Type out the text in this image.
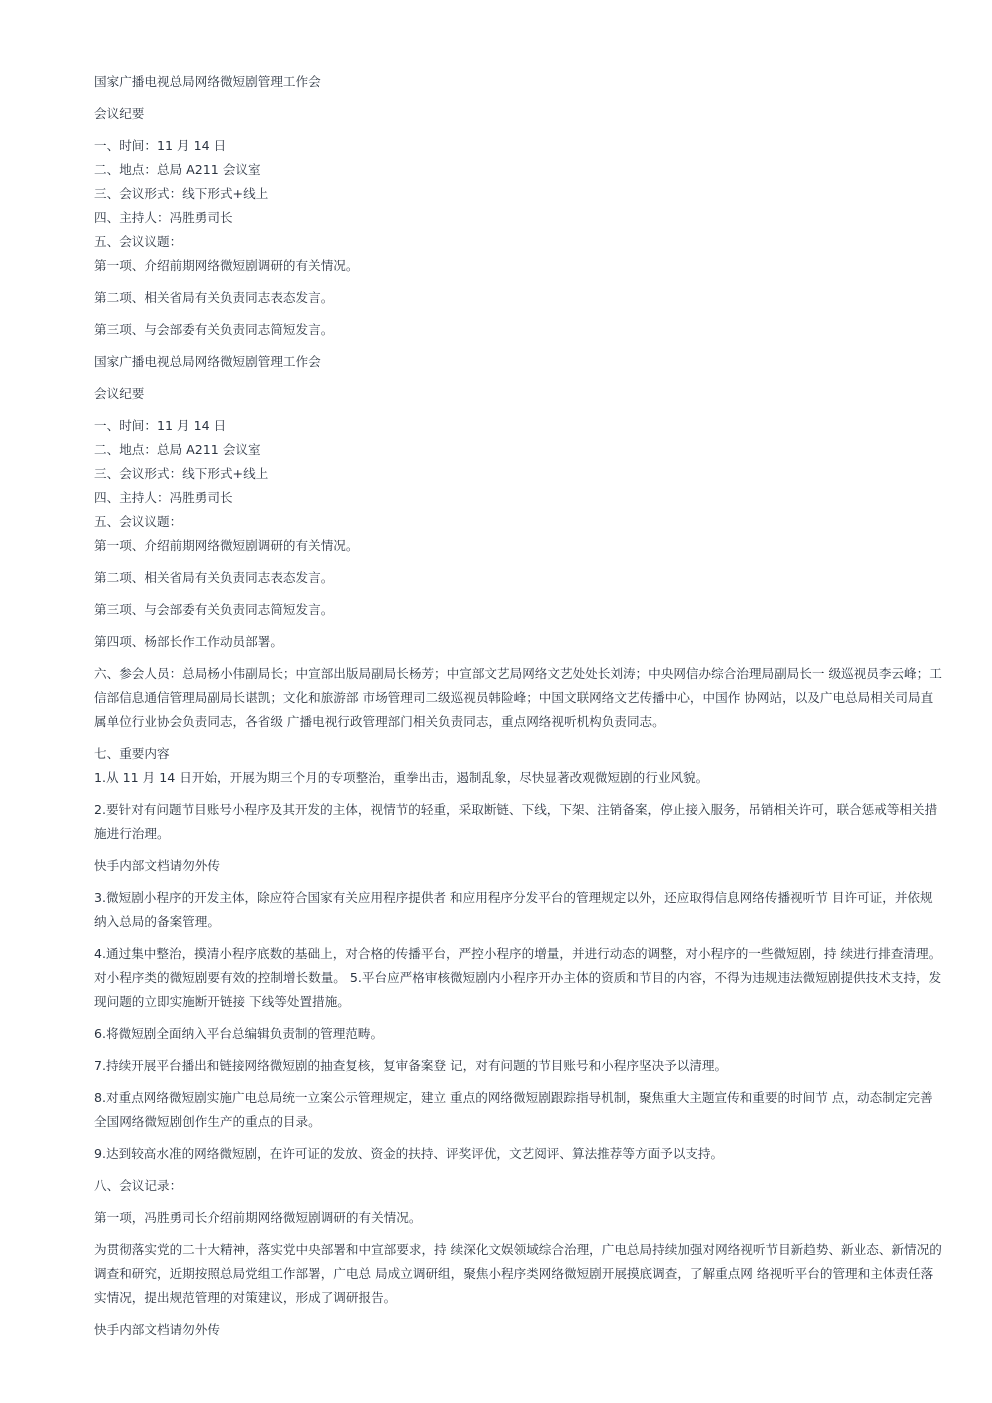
国家广播电视总局网络微短剧管理工作会

会议纪要

一、时间：11 月 14 日

二、地点：总局 A211 会议室

三、会议形式：线下形式+线上

四、主持人：冯胜勇司长

五、会议议题：

第一项、介绍前期网络微短剧调研的有关情况。

第二项、相关省局有关负责同志表态发言。

第三项、与会部委有关负责同志简短发言。

国家广播电视总局网络微短剧管理工作会

会议纪要

一、时间：11 月 14 日

二、地点：总局 A211 会议室

三、会议形式：线下形式+线上

四、主持人：冯胜勇司长

五、会议议题：

第一项、介绍前期网络微短剧调研的有关情况。

第二项、相关省局有关负责同志表态发言。

第三项、与会部委有关负责同志简短发言。

第四项、杨部长作工作动员部署。

六、参会人员：总局杨小伟副局长；中宣部出版局副局长杨芳；中宣部文艺局网络文艺处处长刘涛；中央网信办综合治理局副局长一 级巡视员李云峰；工信部信息通信管理局副局长谌凯；文化和旅游部 市场管理司二级巡视员韩险峰；中国文联网络文艺传播中心，中国作 协网站，以及广电总局相关司局直属单位行业协会负责同志，各省级 广播电视行政管理部门相关负责同志，重点网络视听机构负责同志。

七、重要内容

1.从 11 月 14 日开始，开展为期三个月的专项整治，重拳出击，遏制乱象，尽快显著改观微短剧的行业风貌。

2.要针对有问题节目账号小程序及其开发的主体，视情节的轻重，采取断链、下线，下架、注销备案，停止接入服务，吊销相关许可，联合惩戒等相关措施进行治理。

快手内部文档请勿外传

3.微短剧小程序的开发主体，除应符合国家有关应用程序提供者 和应用程序分发平台的管理规定以外，还应取得信息网络传播视听节 目许可证，并依规纳入总局的备案管理。

4.通过集中整治，摸清小程序底数的基础上，对合格的传播平台，严控小程序的增量，并进行动态的调整，对小程序的一些微短剧，持 续进行排查清理。对小程序类的微短剧要有效的控制增长数量。 5.平台应严格审核微短剧内小程序开办主体的资质和节目的内容，不得为违规违法微短剧提供技术支持，发现问题的立即实施断开链接 下线等处置措施。

6.将微短剧全面纳入平台总编辑负责制的管理范畴。

7.持续开展平台播出和链接网络微短剧的抽查复核，复审备案登 记，对有问题的节目账号和小程序坚决予以清理。

8.对重点网络微短剧实施广电总局统一立案公示管理规定，建立 重点的网络微短剧跟踪指导机制，聚焦重大主题宣传和重要的时间节 点，动态制定完善全国网络微短剧创作生产的重点的目录。

9.达到较高水准的网络微短剧，在许可证的发放、资金的扶持、评奖评优，文艺阅评、算法推荐等方面予以支持。

八、会议记录：

第一项，冯胜勇司长介绍前期网络微短剧调研的有关情况。

为贯彻落实党的二十大精神，落实党中央部署和中宣部要求，持 续深化文娱领域综合治理，广电总局持续加强对网络视听节目新趋势、新业态、新情况的调查和研究，近期按照总局党组工作部署，广电总 局成立调研组，聚焦小程序类网络微短剧开展摸底调查，了解重点网 络视听平台的管理和主体责任落实情况，提出规范管理的对策建议，形成了调研报告。

快手内部文档请勿外传
